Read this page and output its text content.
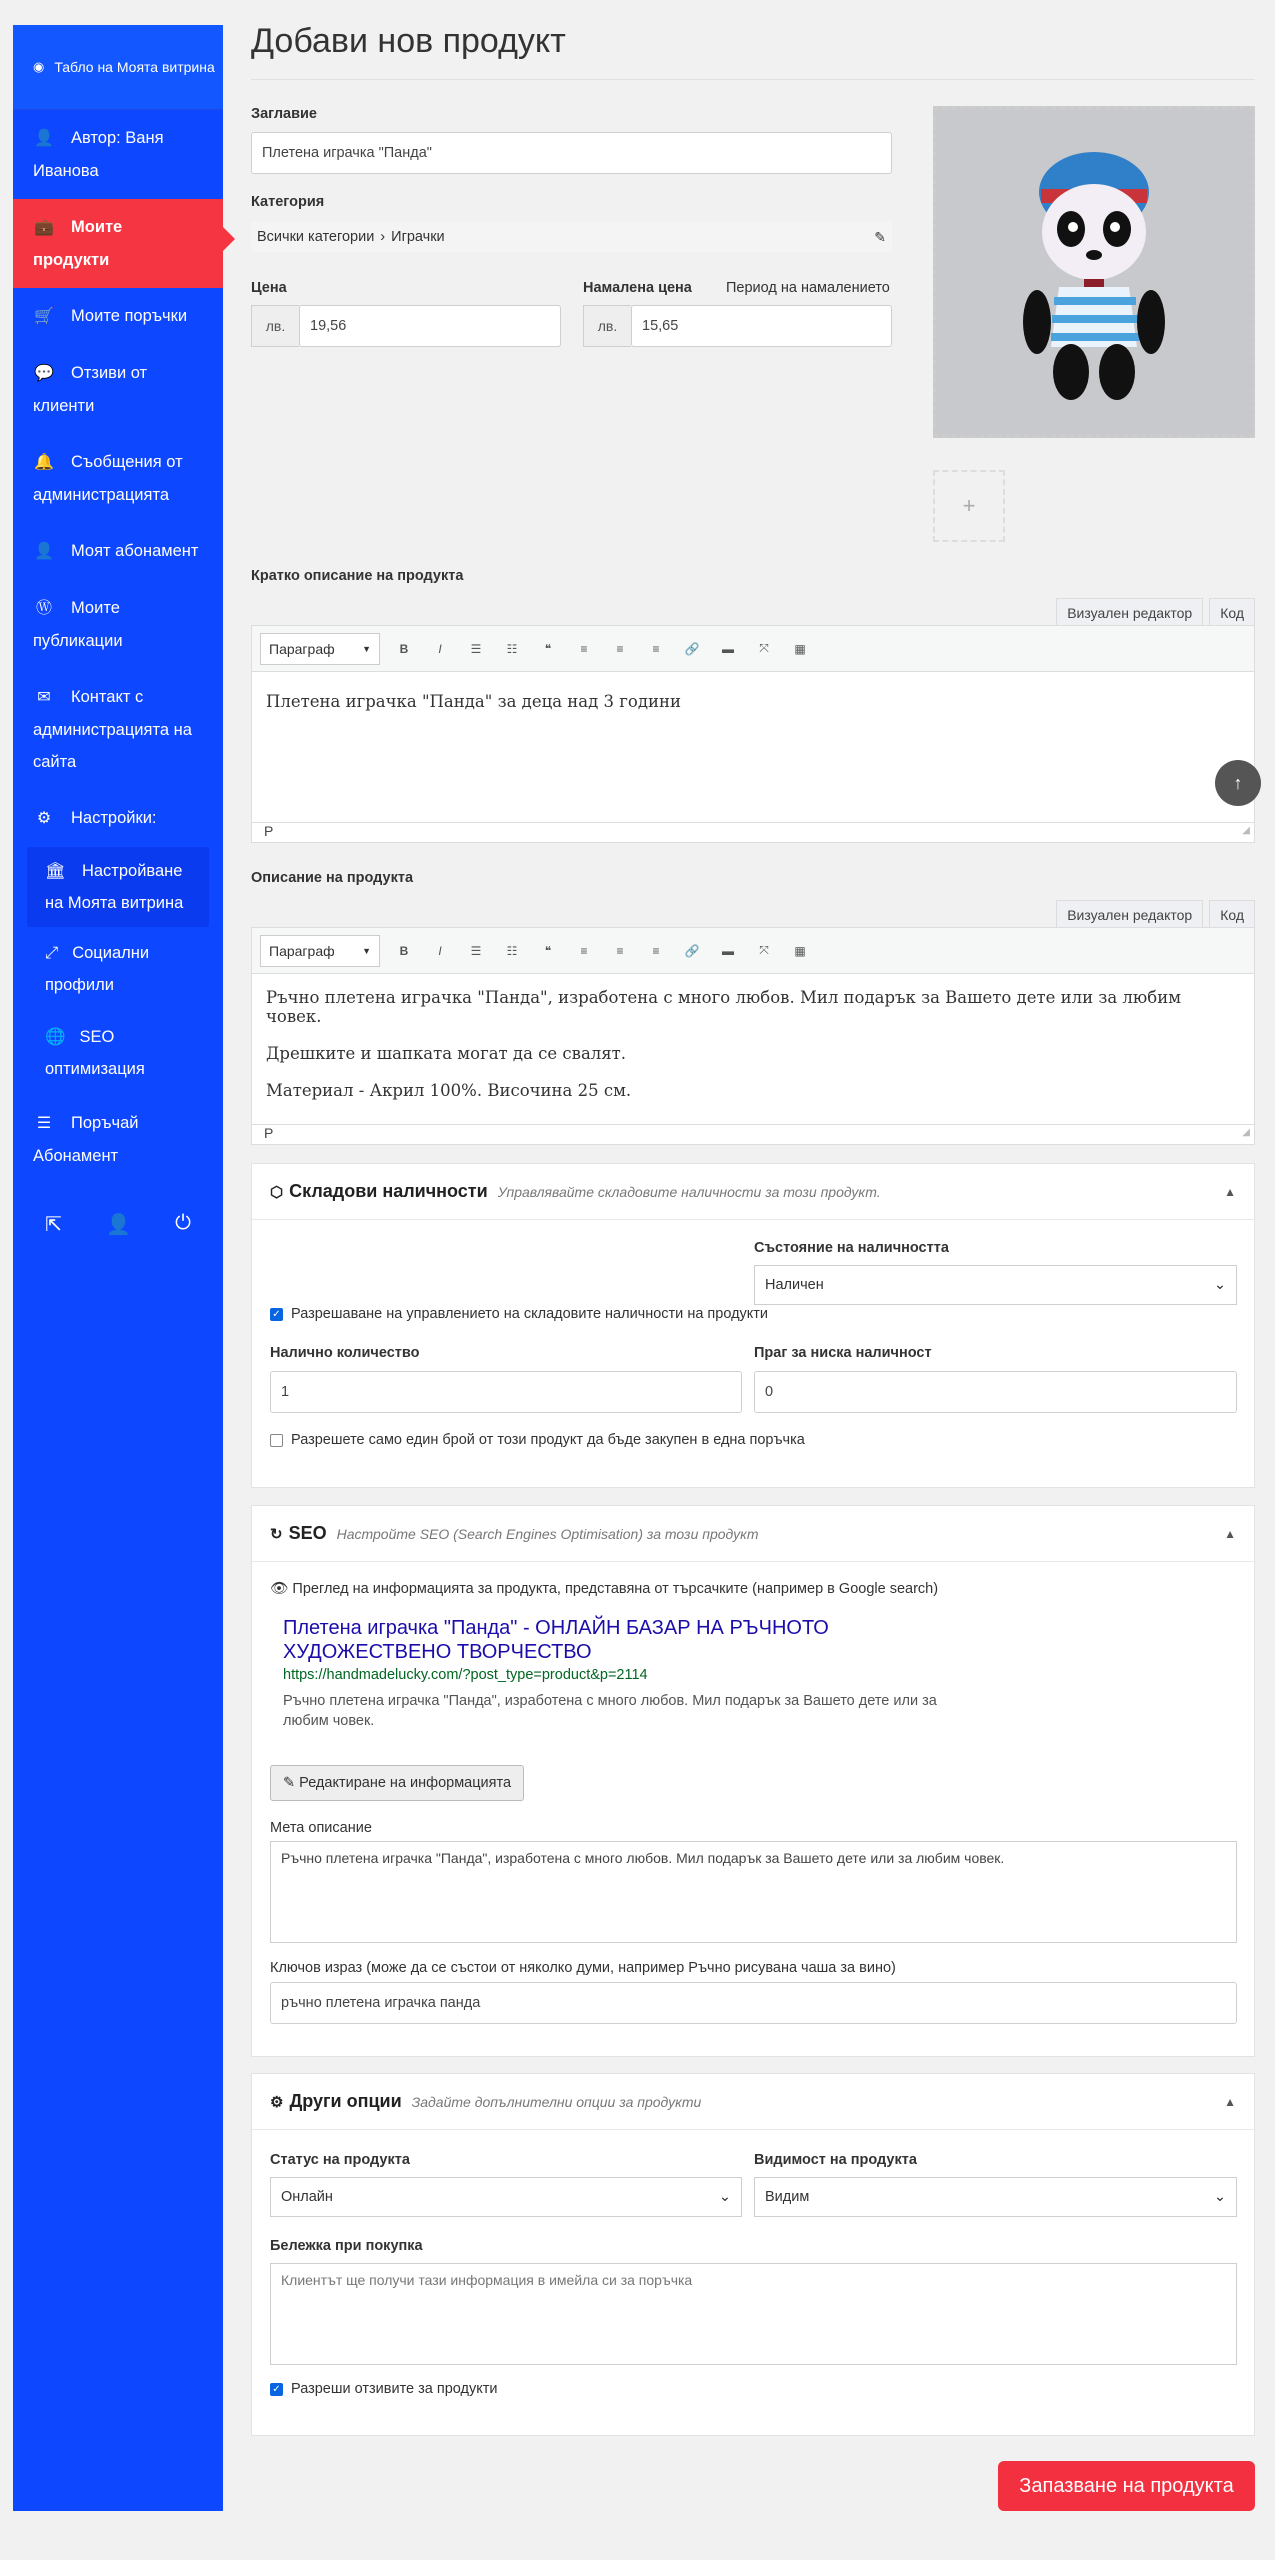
◉ Табло на Моята витрина
👤 Автор: Ваня Иванова
💼 Моите продукти
🛒 Моите поръчки
💬 Отзиви от клиенти
🔔 Съобщения от администрацията
👤 Моят абонамент
Ⓦ Моите публикации
✉ Контакт с администрацията на сайта
⚙ Настройки:
🏛 Настройване на Моята витрина
⤢ Социални профили
🌐 SEO оптимизация
☰ Поръчай Абонамент
⇱ 👤 ⏻
Добави нов продукт
Заглавие
Плетена играчка "Панда"
Категория
Всички категории › Играчки	✎
Цена
лв.	19,56
Намалена цена Период на намалението
лв.	15,65
+
Кратко описание на продукта
Визуален редактор	Код
Параграф	▼	B	I	☰	☷	❝	≡	≡	≡	🔗	▬	⤧	▦

Плетена играчка "Панда" за деца над 3 години

P ◢
Описание на продукта
Визуален редактор	Код
Параграф	▼	B	I	☰	☷	❝	≡	≡	≡	🔗	▬	⤧	▦

Ръчно плетена играчка "Панда", изработена с много любов. Мил подарък за Вашето дете или за любим човек.

Дрешките и шапката могат да се свалят.

Материал - Акрил 100%. Височина 25 см.

P ◢
⬡ Складови наличности Управлявайте складовите наличности за този продукт.	▲
Състояние на наличността
Наличен	⌄
✓ Разрешаване на управлението на складовите наличности на продукти
Налично количество
1
Праг за ниска наличност
0
Разрешете само един брой от този продукт да бъде закупен в една поръчка
↻ SEO Настройте SEO (Search Engines Optimisation) за този продукт	▲
👁 Преглед на информацията за продукта, представяна от търсачките (например в Google search)
Плетена играчка "Панда" - ОНЛАЙН БАЗАР НА РЪЧНОТО ХУДОЖЕСТВЕНО ТВОРЧЕСТВО
https://handmadelucky.com/?post_type=product&p=2114
Ръчно плетена играчка "Панда", изработена с много любов. Мил подарък за Вашето дете или за любим човек.
✎ Редактиране на информацията
Мета описание
Ръчно плетена играчка "Панда", изработена с много любов. Мил подарък за Вашето дете или за любим човек.
Ключов израз (може да се състои от няколко думи, например Ръчно рисувана чаша за вино)
ръчно плетена играчка панда
⚙ Други опции Задайте допълнителни опции за продукти	▲
Статус на продукта
Онлайн	⌄
Видимост на продукта
Видим	⌄
Бележка при покупка
Клиентът ще получи тази информация в имейла си за поръчка
✓ Разреши отзивите за продукти
↑
Запазване на продукта
